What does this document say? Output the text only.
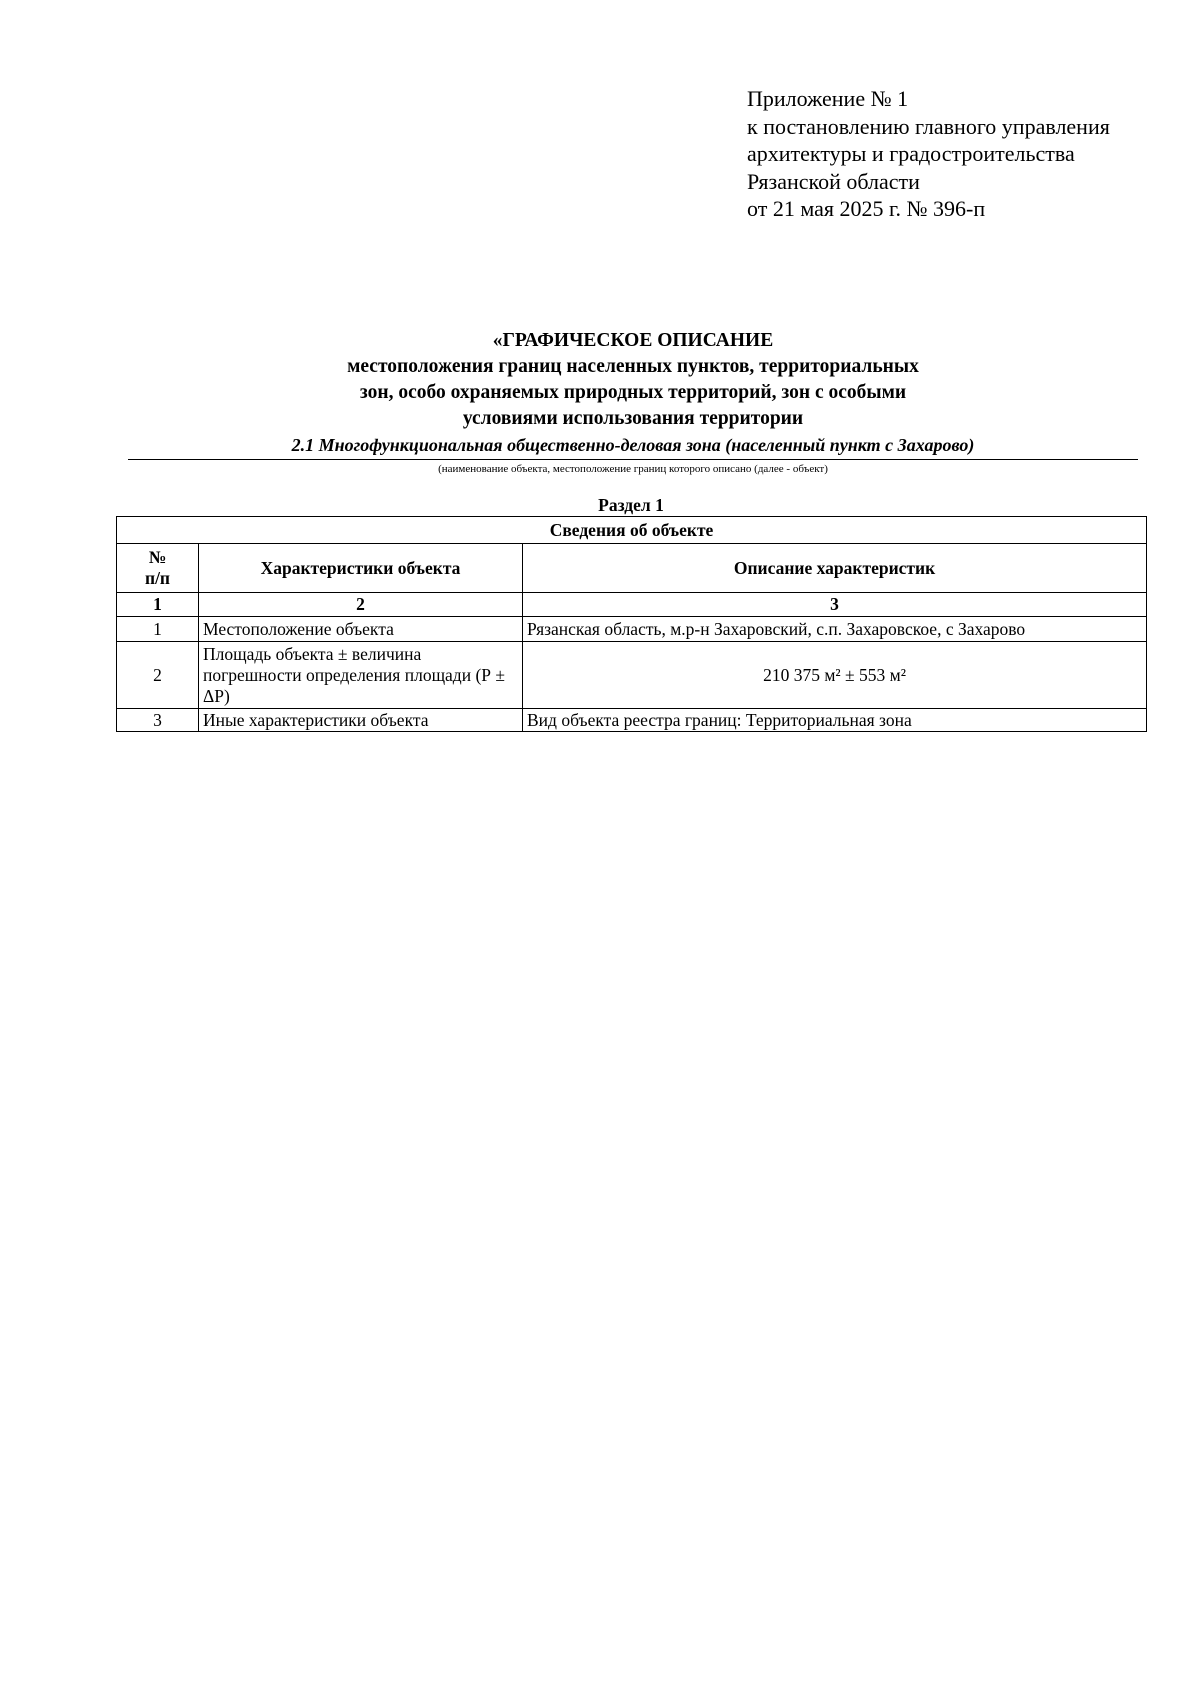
Приложение № 1
к постановлению главного управления
архитектуры и градостроительства
Рязанской области
от 21 мая 2025 г. № 396-п
«ГРАФИЧЕСКОЕ ОПИСАНИЕ
местоположения границ населенных пунктов, территориальных
зон, особо охраняемых природных территорий, зон с особыми
условиями использования территории
2.1 Многофункциональная общественно-деловая зона (населенный пункт с Захарово)
(наименование объекта, местоположение границ которого описано (далее - объект)
Раздел 1
Сведения об объекте		
№
п/п	Характеристики объекта	Описание характеристик
1	2	3
1	Местоположение объекта	Рязанская область, м.р-н Захаровский, с.п. Захаровское, с Захарово
2	Площадь объекта ± величина погрешности определения площади (Р ± ΔР)	210 375 м² ± 553 м²
3	Иные характеристики объекта	Вид объекта реестра границ: Территориальная зона
